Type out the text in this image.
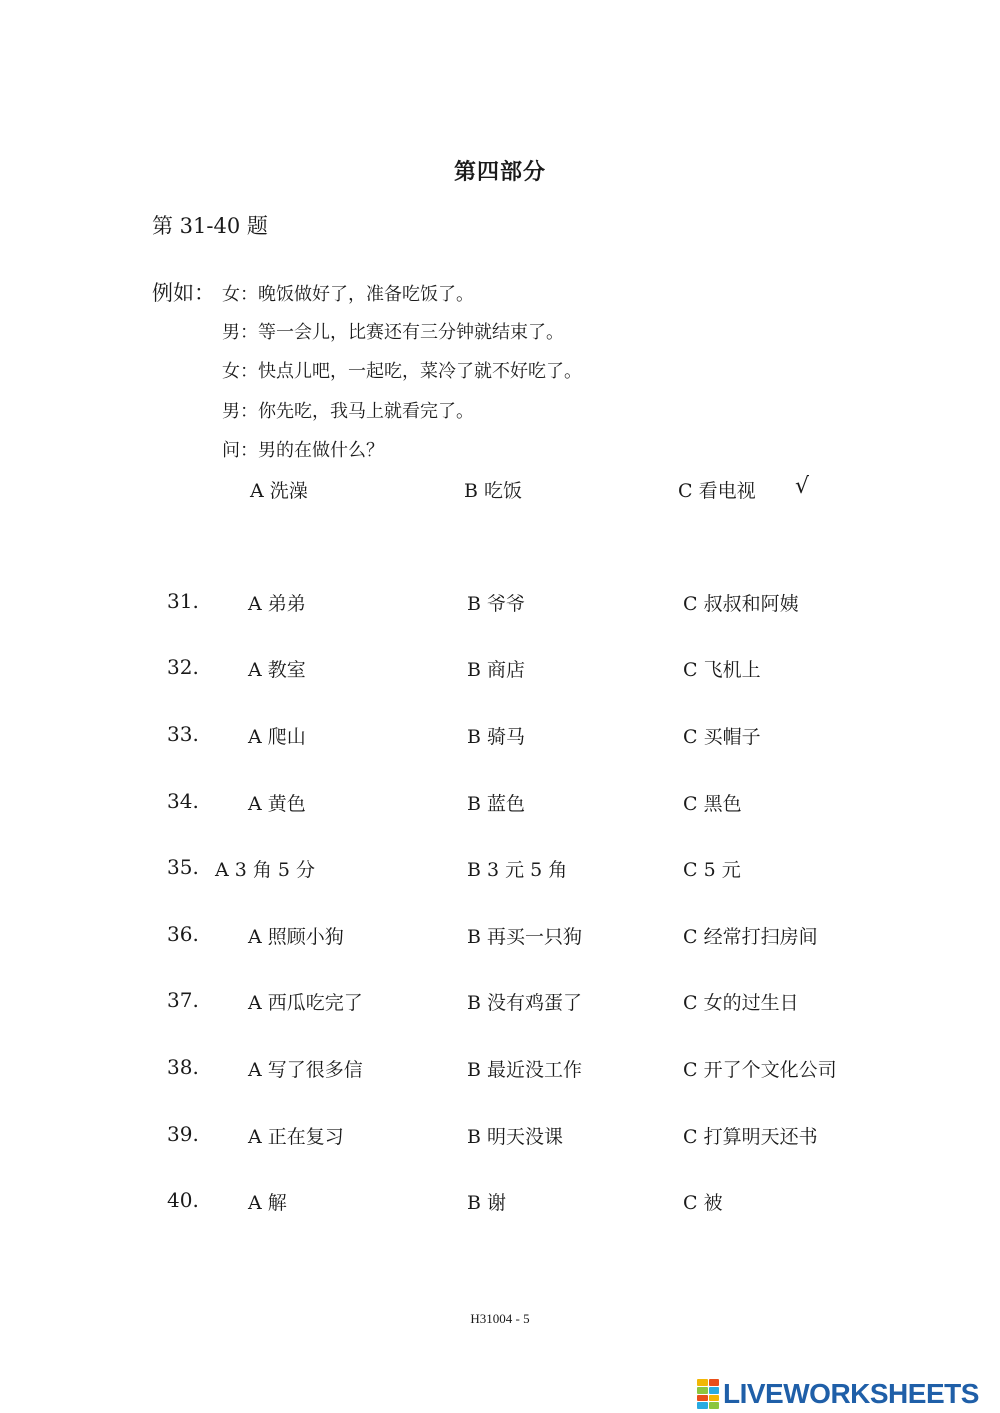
第四部分
第 31-40 题
例如： 女：晚饭做好了，准备吃饭了。
男：等一会儿，比赛还有三分钟就结束了。
女：快点儿吧，一起吃，菜冷了就不好吃了。
男：你先吃，我马上就看完了。
问：男的在做什么？
A 洗澡	B 吃饭	C 看电视 √
31.	A 弟弟	B 爷爷	C 叔叔和阿姨
32.	A 教室	B 商店	C 飞机上
33.	A 爬山	B 骑马	C 买帽子
34.	A 黄色	B 蓝色	C 黑色
35. A 3 角 5 分	B 3 元 5 角	C 5 元
36.	A 照顾小狗	B 再买一只狗	C 经常打扫房间
37.	A 西瓜吃完了	B 没有鸡蛋了	C 女的过生日
38.	A 写了很多信	B 最近没工作	C 开了个文化公司
39.	A 正在复习	B 明天没课	C 打算明天还书
40.	A 解	B 谢	C 被
H31004 - 5
LIVEWORKSHEETS
